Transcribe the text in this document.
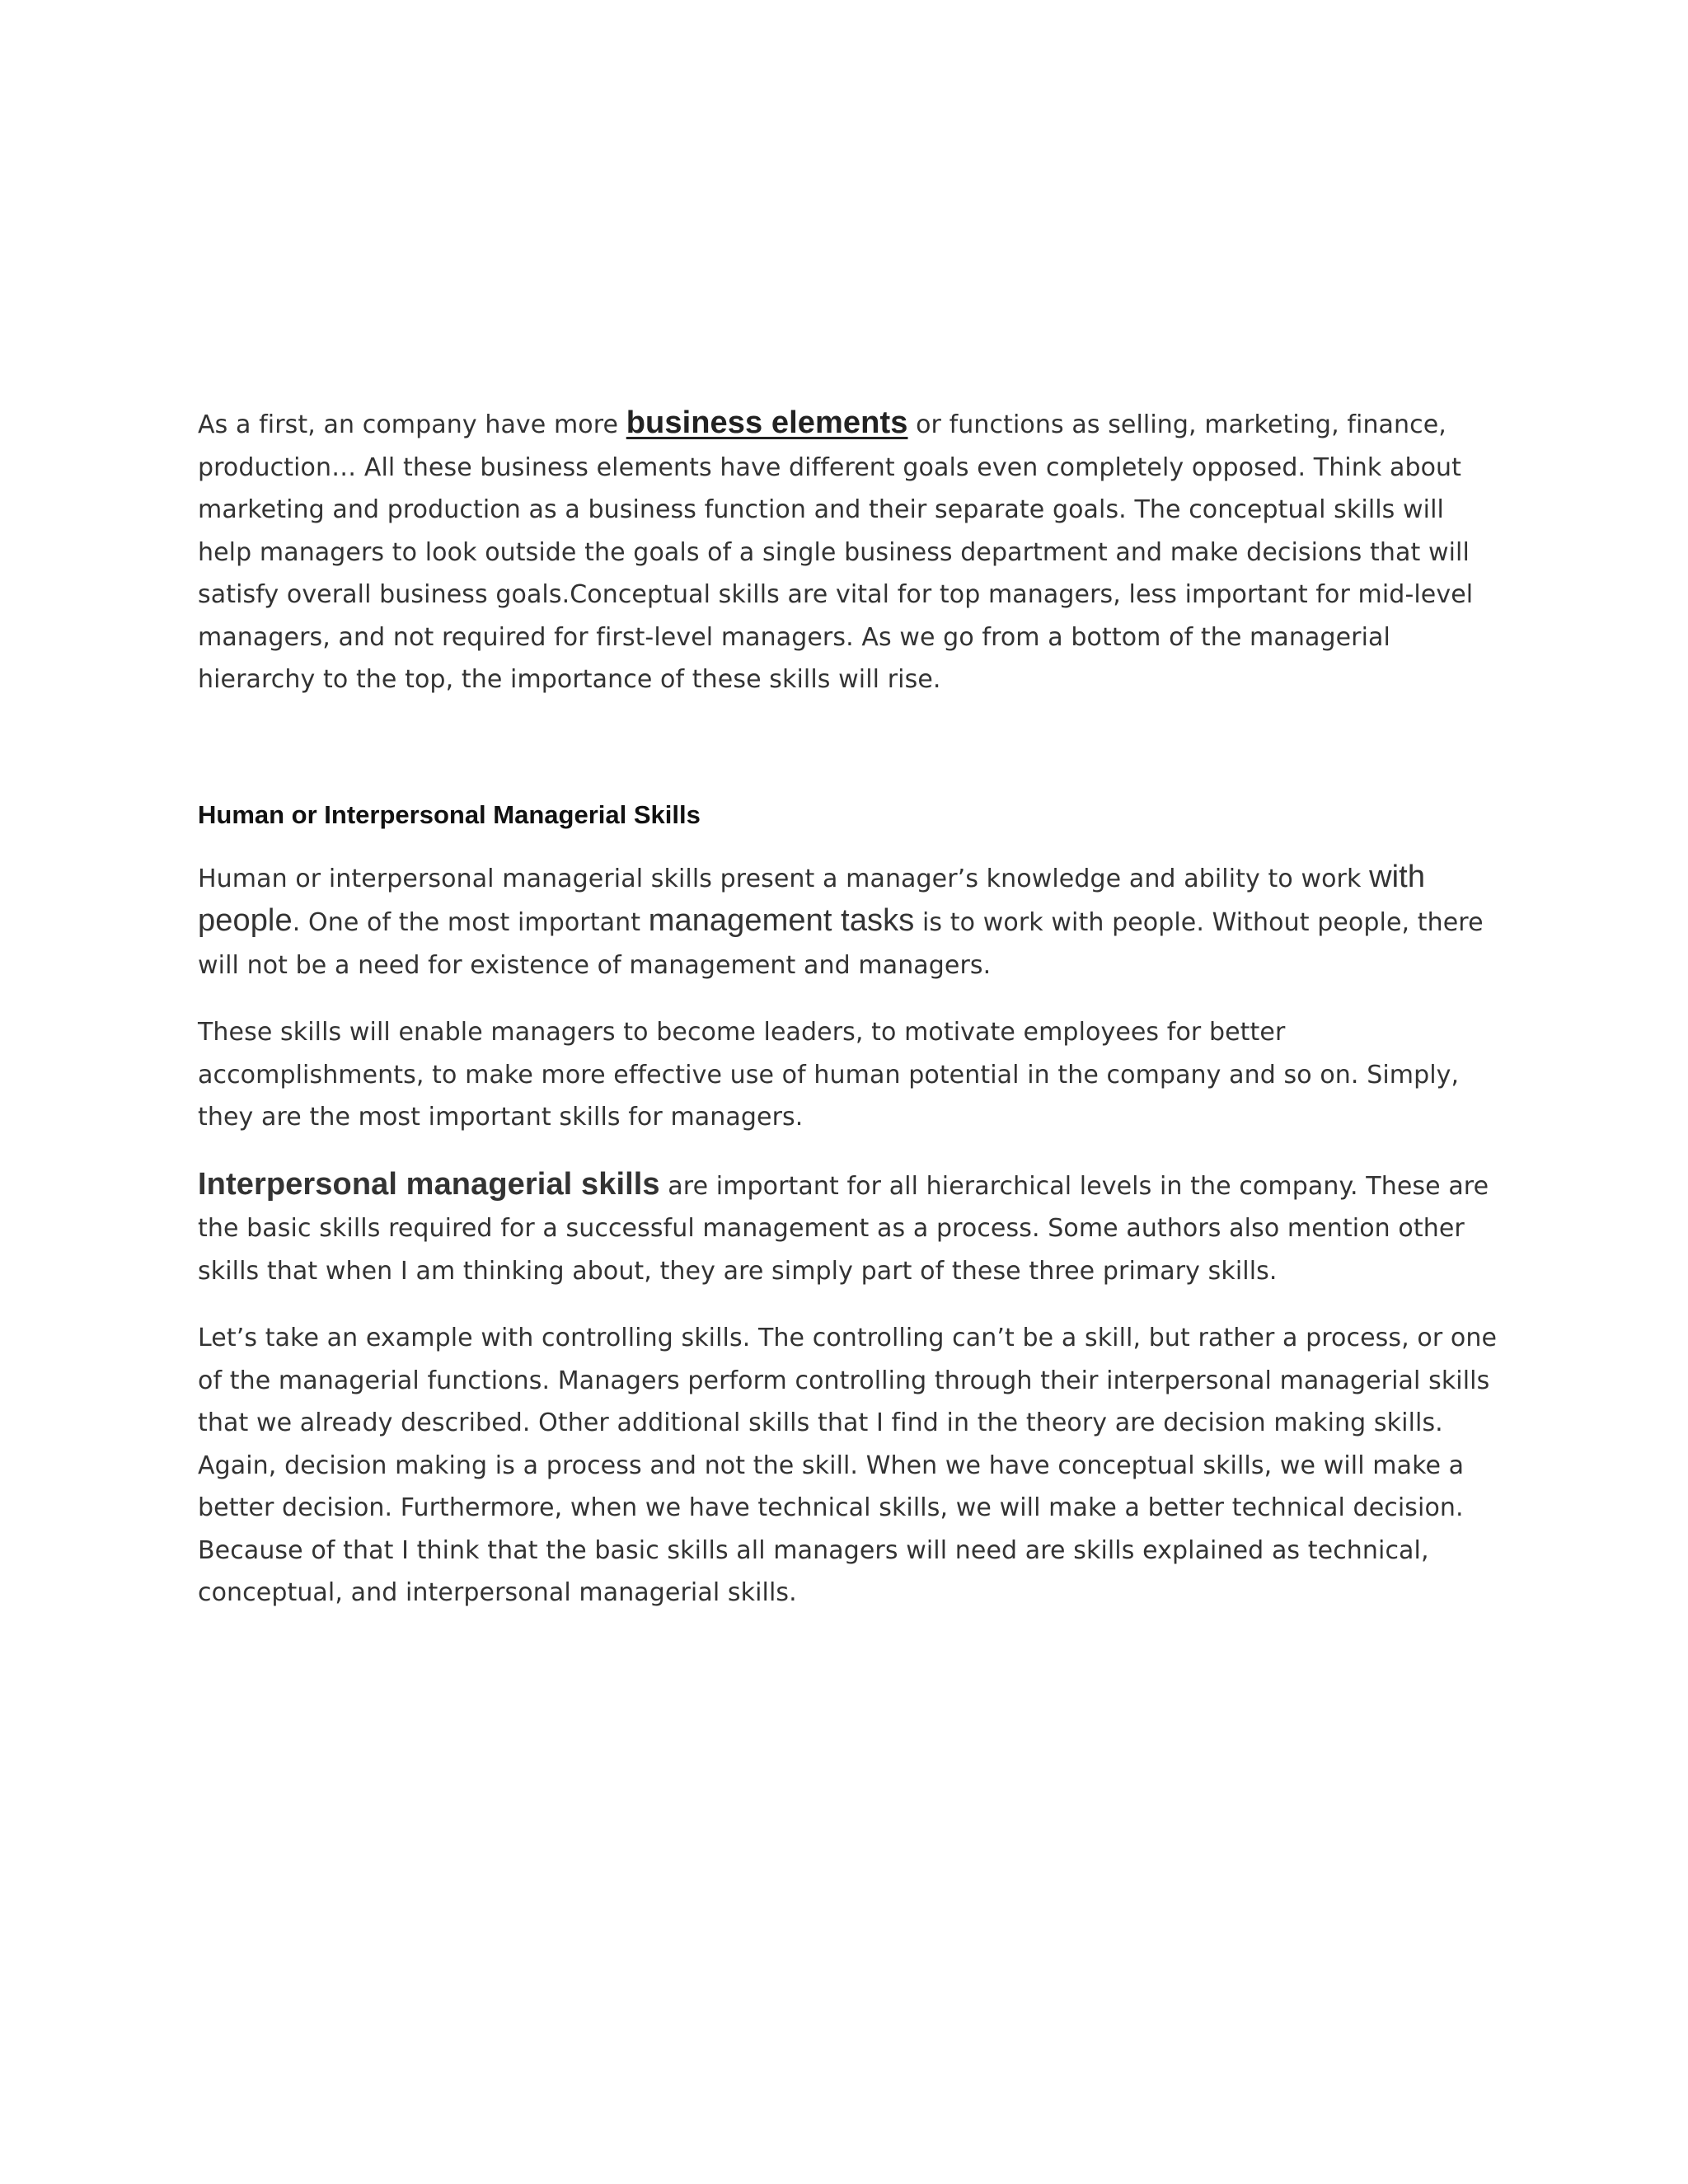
As a first, an company have more business elements or functions as selling, marketing, finance, production… All these business elements have different goals even completely opposed. Think about marketing and production as a business function and their separate goals. The conceptual skills will help managers to look outside the goals of a single business department and make decisions that will satisfy overall business goals.Conceptual skills are vital for top managers, less important for mid-level managers, and not required for first-level managers. As we go from a bottom of the managerial hierarchy to the top, the importance of these skills will rise.

Human or Interpersonal Managerial Skills

Human or interpersonal managerial skills present a manager’s knowledge and ability to work with people. One of the most important management tasks is to work with people. Without people, there will not be a need for existence of management and managers.

These skills will enable managers to become leaders, to motivate employees for better accomplishments, to make more effective use of human potential in the company and so on. Simply, they are the most important skills for managers.

Interpersonal managerial skills are important for all hierarchical levels in the company. These are the basic skills required for a successful management as a process. Some authors also mention other skills that when I am thinking about, they are simply part of these three primary skills.

Let’s take an example with controlling skills. The controlling can’t be a skill, but rather a process, or one of the managerial functions. Managers perform controlling through their interpersonal managerial skills that we already described. Other additional skills that I find in the theory are decision making skills. Again, decision making is a process and not the skill. When we have conceptual skills, we will make a better decision. Furthermore, when we have technical skills, we will make a better technical decision. Because of that I think that the basic skills all managers will need are skills explained as technical, conceptual, and interpersonal managerial skills.
